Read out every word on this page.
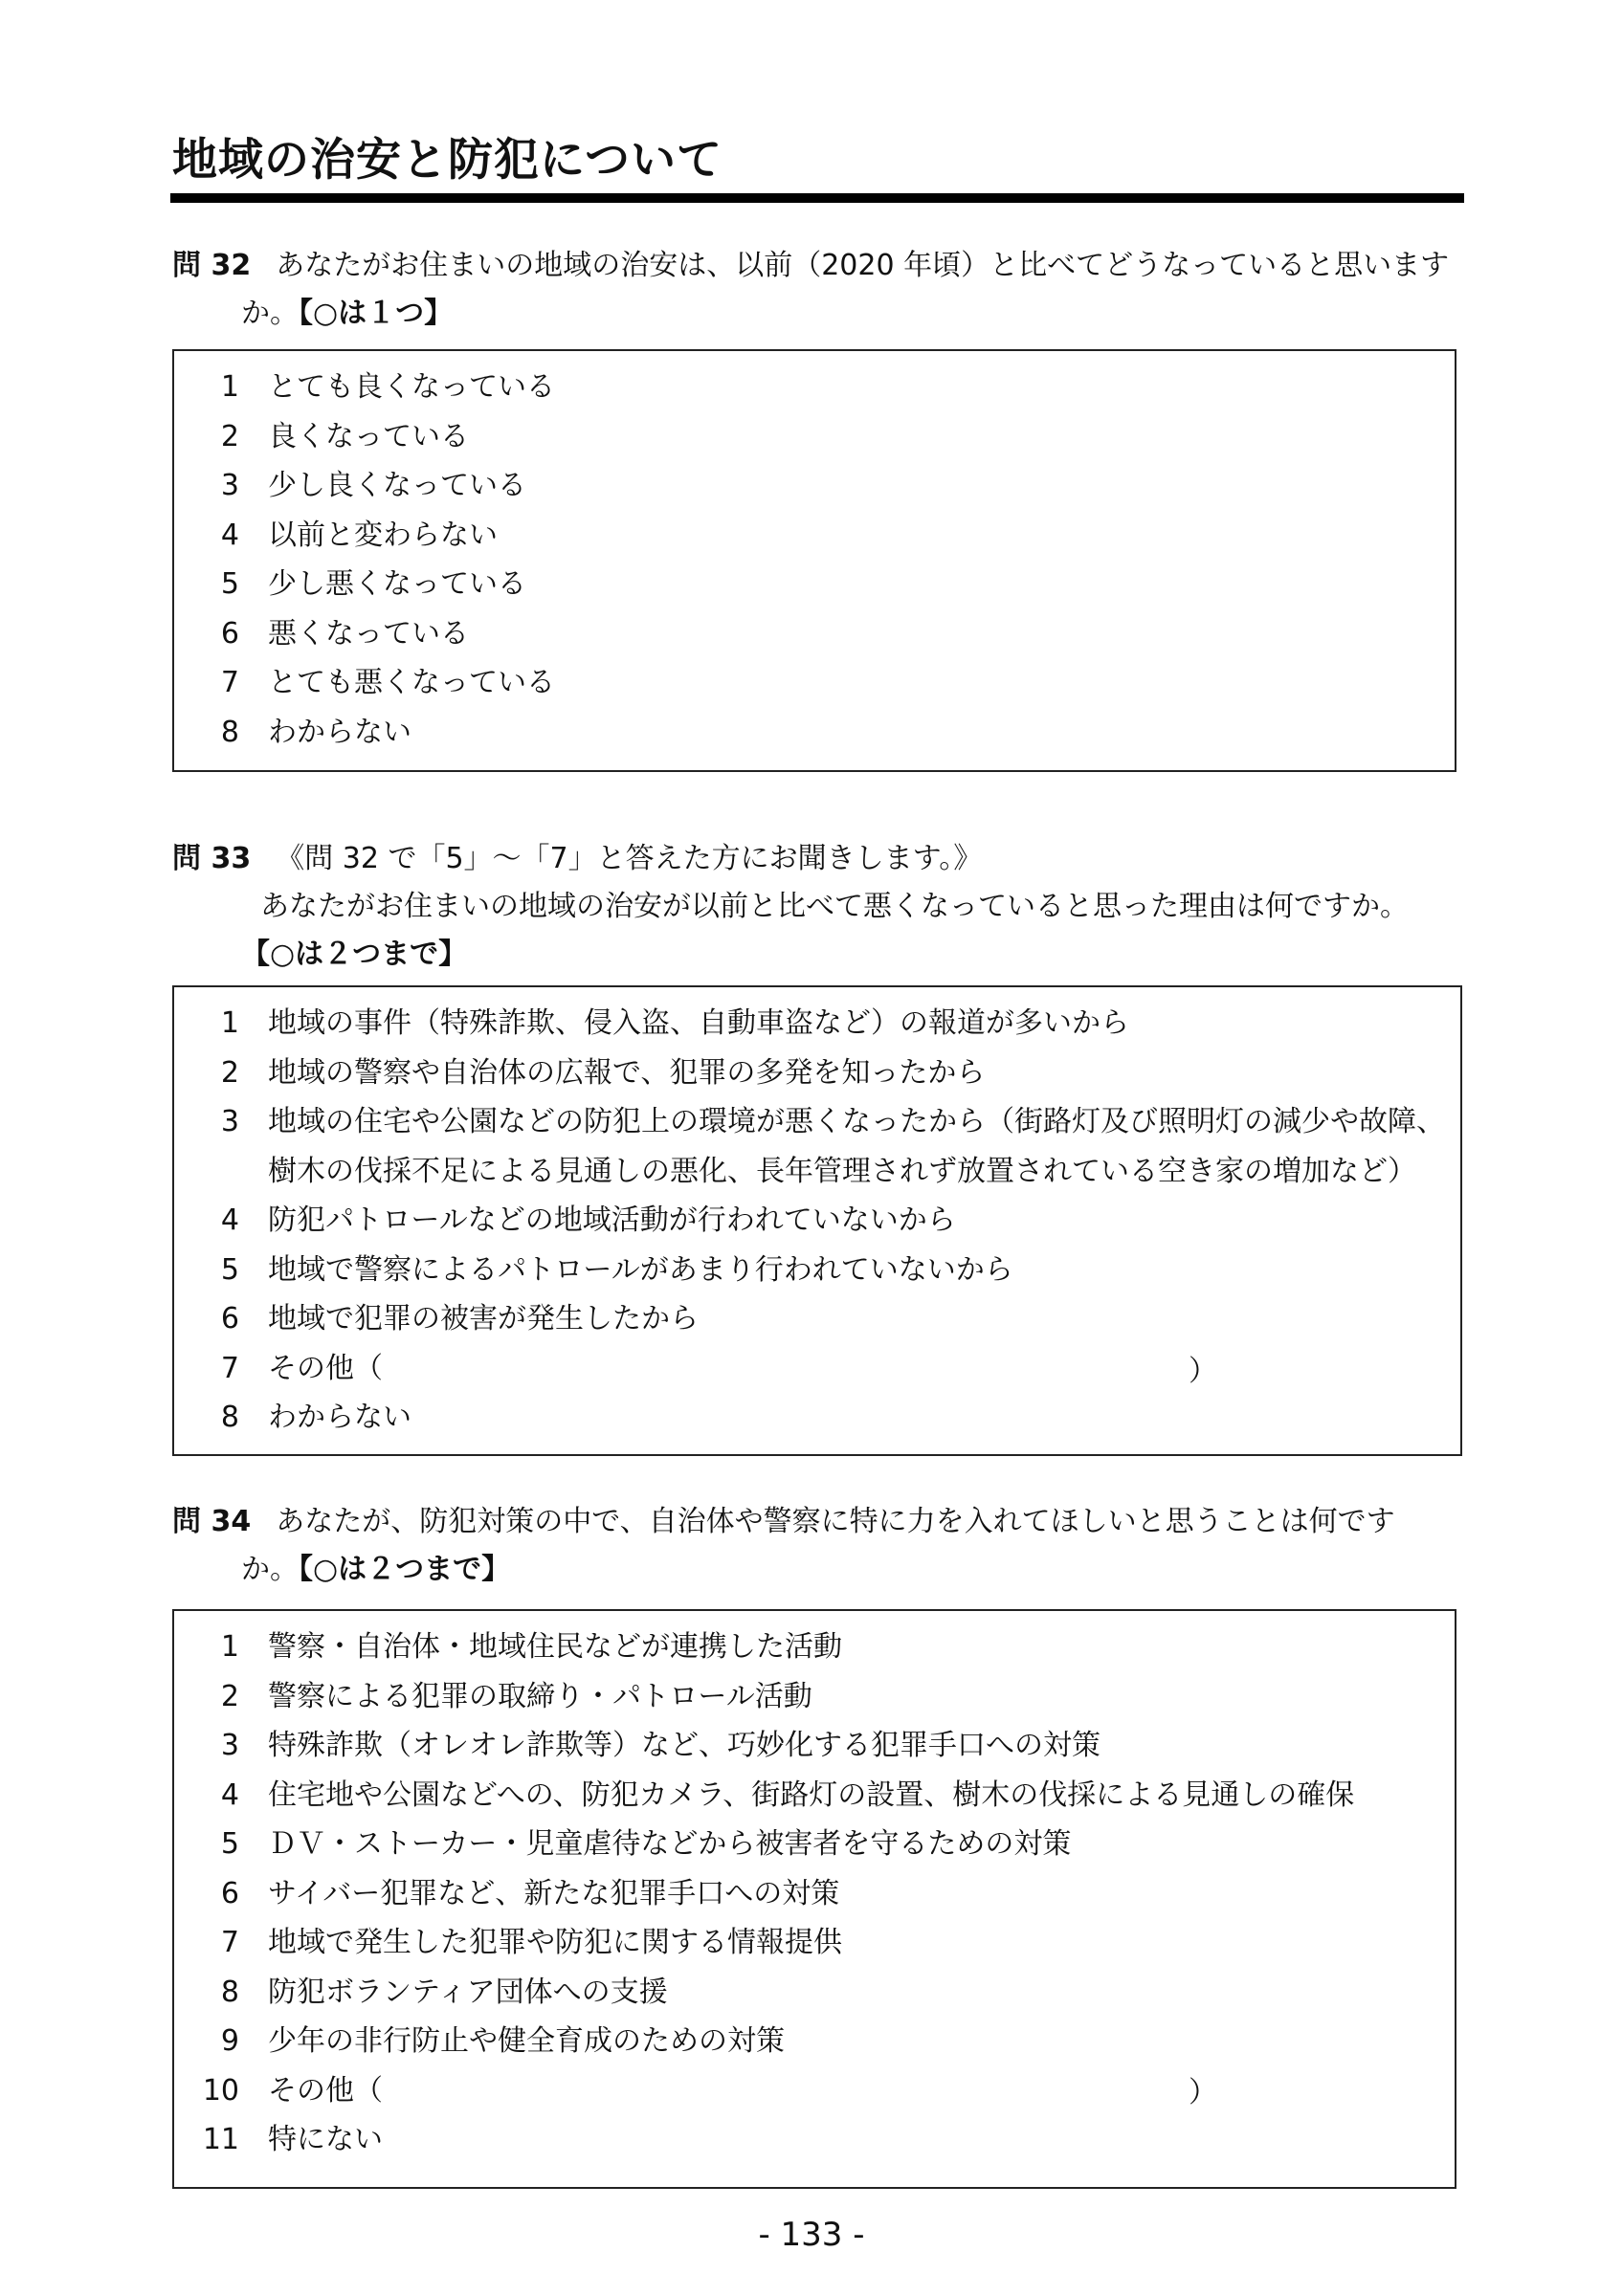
地域の治安と防犯について
問 32 あなたがお住まいの地域の治安は、以前（2020 年頃）と比べてどうなっていると思います
か。【○は１つ】
1 とても良くなっている
2 良くなっている
3 少し良くなっている
4 以前と変わらない
5 少し悪くなっている
6 悪くなっている
7 とても悪くなっている
8 わからない
問 33 《問 32 で「5」～「7」と答えた方にお聞きします。》
あなたがお住まいの地域の治安が以前と比べて悪くなっていると思った理由は何ですか。
【○は２つまで】
1 地域の事件（特殊詐欺、侵入盗、自動車盗など）の報道が多いから
2 地域の警察や自治体の広報で、犯罪の多発を知ったから
3 地域の住宅や公園などの防犯上の環境が悪くなったから（街路灯及び照明灯の減少や故障、
樹木の伐採不足による見通しの悪化、長年管理されず放置されている空き家の増加など）
4 防犯パトロールなどの地域活動が行われていないから
5 地域で警察によるパトロールがあまり行われていないから
6 地域で犯罪の被害が発生したから
7 その他（
8 わからない
）
問 34 あなたが、防犯対策の中で、自治体や警察に特に力を入れてほしいと思うことは何です
か。【○は２つまで】
1 警察・自治体・地域住民などが連携した活動
2 警察による犯罪の取締り・パトロール活動
3 特殊詐欺（オレオレ詐欺等）など、巧妙化する犯罪手口への対策
4 住宅地や公園などへの、防犯カメラ、街路灯の設置、樹木の伐採による見通しの確保
5 ＤＶ・ストーカー・児童虐待などから被害者を守るための対策
6 サイバー犯罪など、新たな犯罪手口への対策
7 地域で発生した犯罪や防犯に関する情報提供
8 防犯ボランティア団体への支援
9 少年の非行防止や健全育成のための対策
10 その他（
11 特にない
）
- 133 -
